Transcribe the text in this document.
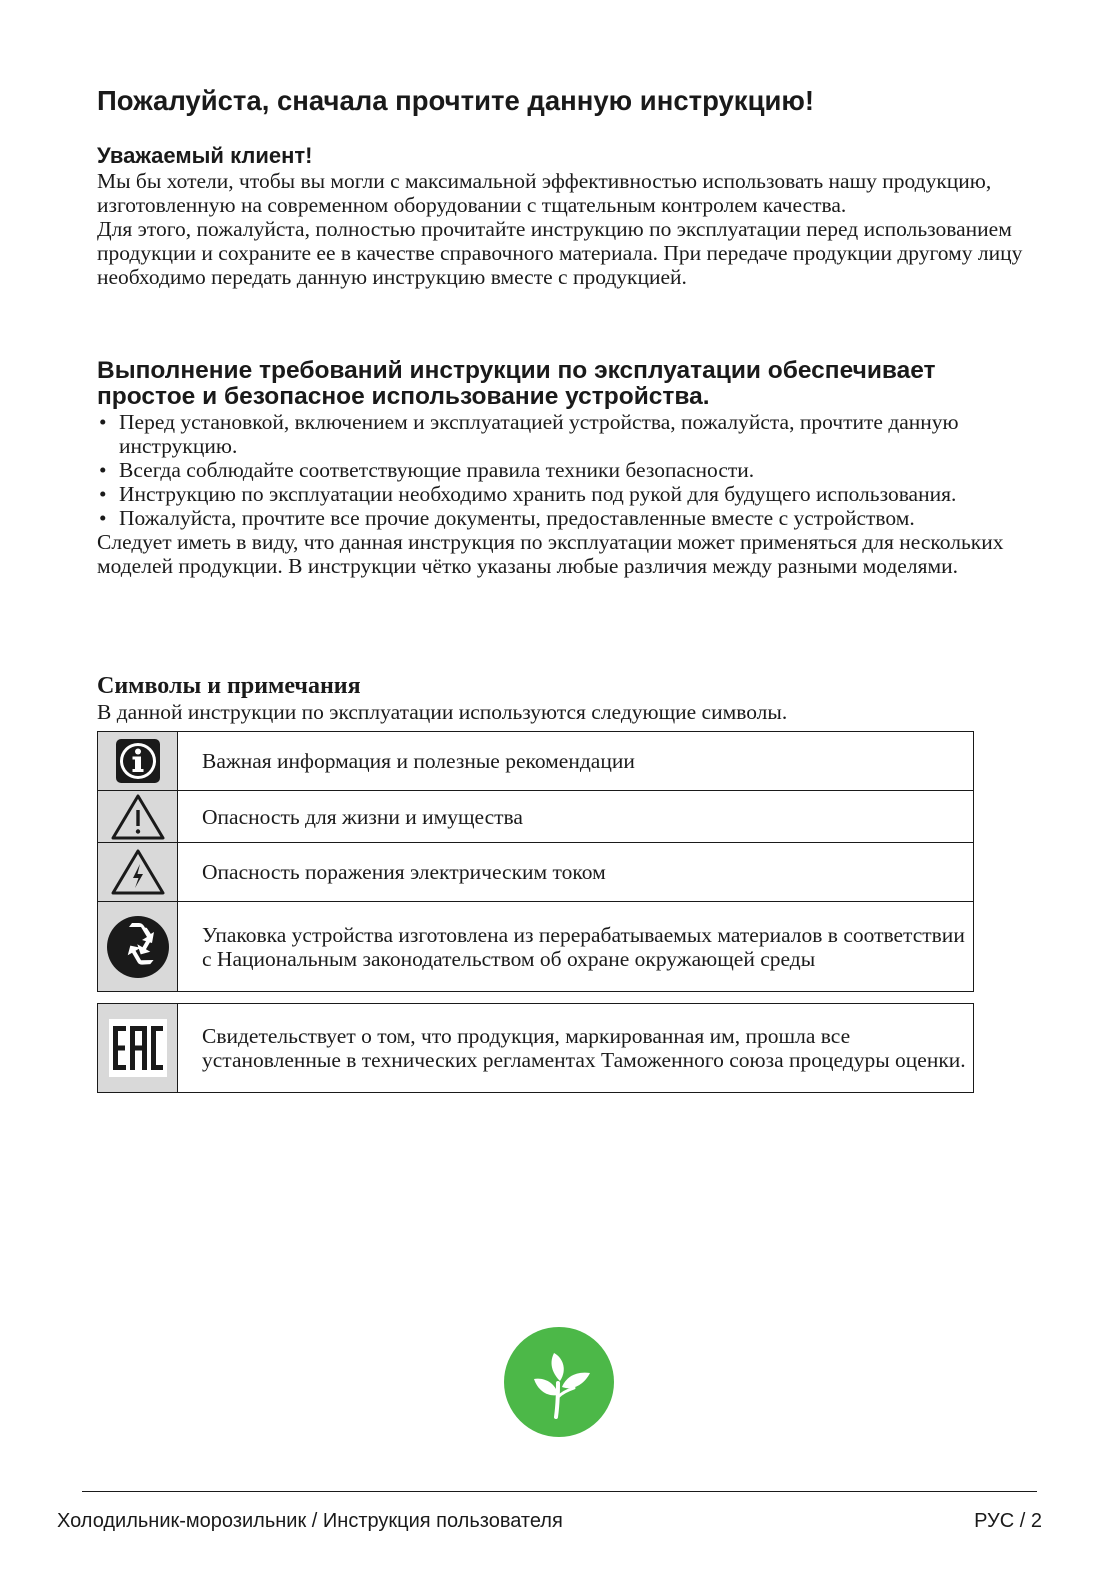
Пожалуйста, сначала прочтите данную инструкцию!
Уважаемый клиент!

Мы бы хотели, чтобы вы могли с максимальной эффективностью использовать нашу продукцию, изготовленную на современном оборудовании с тщательным контролем качества.

Для этого, пожалуйста, полностью прочитайте инструкцию по эксплуатации перед использованием продукции и сохраните ее в качестве справочного материала. При передаче продукции другому лицу необходимо передать данную инструкцию вместе с продукцией.

Выполнение требований инструкции по эксплуатации обеспечивает простое и безопасное использование устройства.
• Перед установкой, включением и эксплуатацией устройства, пожалуйста, прочтите данную инструкцию.
• Всегда соблюдайте соответствующие правила техники безопасности.
• Инструкцию по эксплуатации необходимо хранить под рукой для будущего использования.
• Пожалуйста, прочтите все прочие документы, предоставленные вместе с устройством.

Следует иметь в виду, что данная инструкция по эксплуатации может применяться для нескольких моделей продукции. В инструкции чётко указаны любые различия между разными моделями.

Символы и примечания

В данной инструкции по эксплуатации используются следующие символы.

Важная информация и полезные рекомендации
Опасность для жизни и имущества
Опасность поражения электрическим током
Упаковка устройства изготовлена из перерабатываемых материалов в соответствии с Национальным законодательством об охране окружающей среды
Свидетельствует о том, что продукция, маркированная им, прошла все установленные в технических регламентах Таможенного союза процедуры оценки.
Холодильник-морозильник / Инструкция пользователя	РУС / 2
